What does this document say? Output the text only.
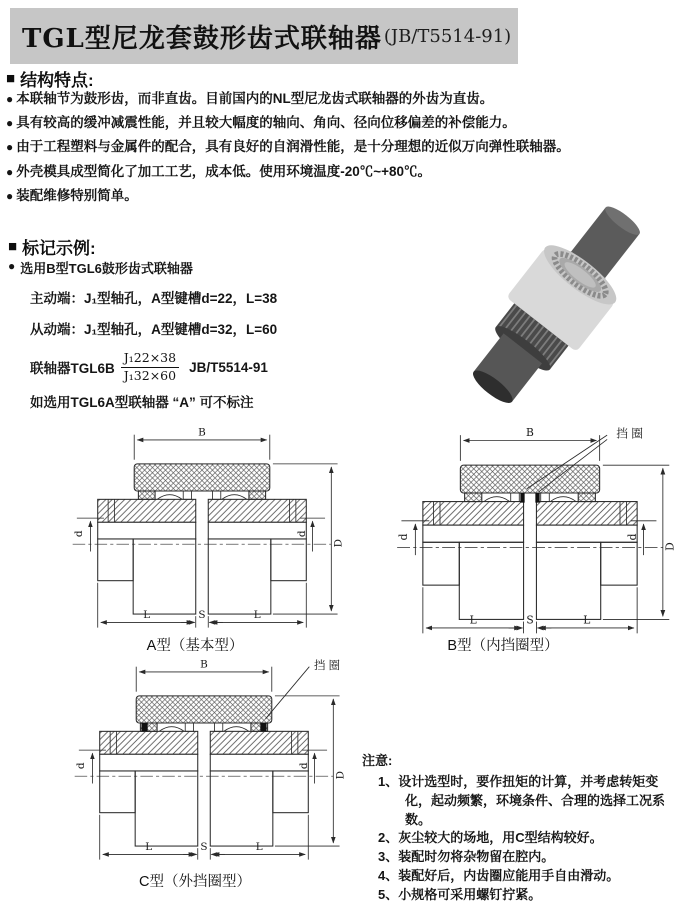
TGL型尼龙套鼓形齿式联轴器 (JB/T5514-91)
■ 结构特点:
● 本联轴节为鼓形齿，而非直齿。目前国内的NL型尼龙齿式联轴器的外齿为直齿。
● 具有较高的缓冲减震性能，并且较大幅度的轴向、角向、径向位移偏差的补偿能力。
● 由于工程塑料与金属件的配合，具有良好的自润滑性能，是十分理想的近似万向弹性联轴器。
● 外壳模具成型简化了加工工艺，成本低。使用环境温度-20℃~+80℃。
● 装配维修特别简单。
■ 标记示例:
● 选用B型TGL6鼓形齿式联轴器
主动端：J₁型轴孔，A型键槽d=22，L=38
从动端：J₁型轴孔，A型键槽d=32，L=60
联轴器$TGL6B \frac{\text{J₁22×38}}{\text{J₁32×60}} JB/T5514-91$
如选用TGL6A型联轴器 “A” 可不标注
B
D
d	d
L	S	L
挡 圈
B
D
d	d
L	S	L
挡 圈
B
D
d	d
L	S	L
A型（基本型）	B型（内挡圈型）
C型（外挡圈型）
注意:
1、设计选型时，要作扭矩的计算，并考虑转矩变化，起动频繁，环境条件、合理的选择工况系数。
2、灰尘较大的场地，用C型结构较好。
3、装配时勿将杂物留在腔内。
4、装配好后，内齿圈应能用手自由滑动。
5、小规格可采用螺钉拧紧。
